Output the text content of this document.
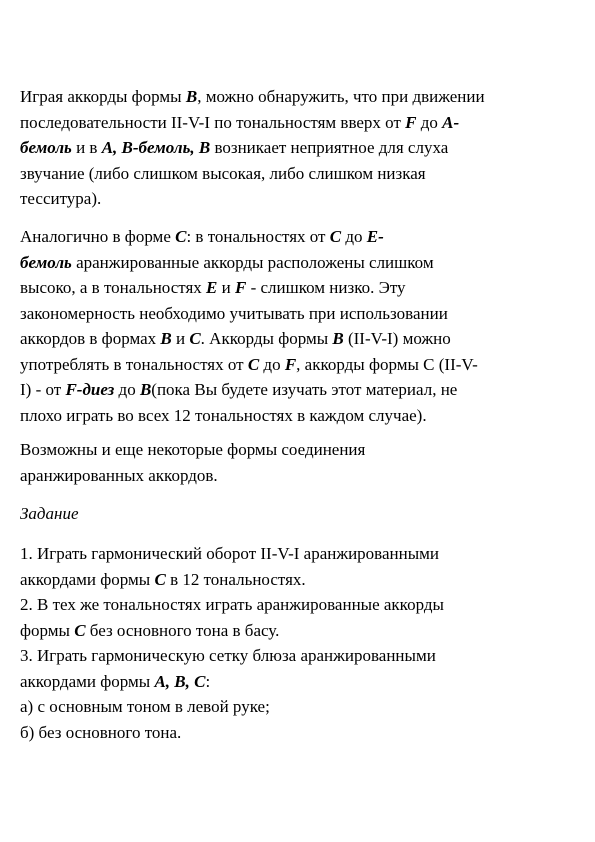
Играя аккорды формы B, можно обнаружить, что при движении
последовательности II-V-I по тональностям вверх от F до A-
бемоль и в A, B-бемоль, B возникает неприятное для слуха
звучание (либо слишком высокая, либо слишком низкая
тесситура).
Аналогично в форме C: в тональностях от C до E-
бемоль аранжированные аккорды расположены слишком
высоко, а в тональностях E и F - слишком низко. Эту
закономерность необходимо учитывать при использовании
аккордов в формах B и C. Аккорды формы B (II-V-I) можно
употреблять в тональностях от C до F, аккорды формы С (II-V-
I) - от F-диез до B(пока Вы будете изучать этот материал, не
плохо играть во всех 12 тональностях в каждом случае).
Возможны и еще некоторые формы соединения
аранжированных аккордов.
Задание
1. Играть гармонический оборот II-V-I аранжированными
аккордами формы C в 12 тональностях.
2. В тех же тональностях играть аранжированные аккорды
формы C без основного тона в басу.
3. Играть гармоническую сетку блюза аранжированными
аккордами формы A, B, C:
а) с основным тоном в левой руке;
б) без основного тона.
